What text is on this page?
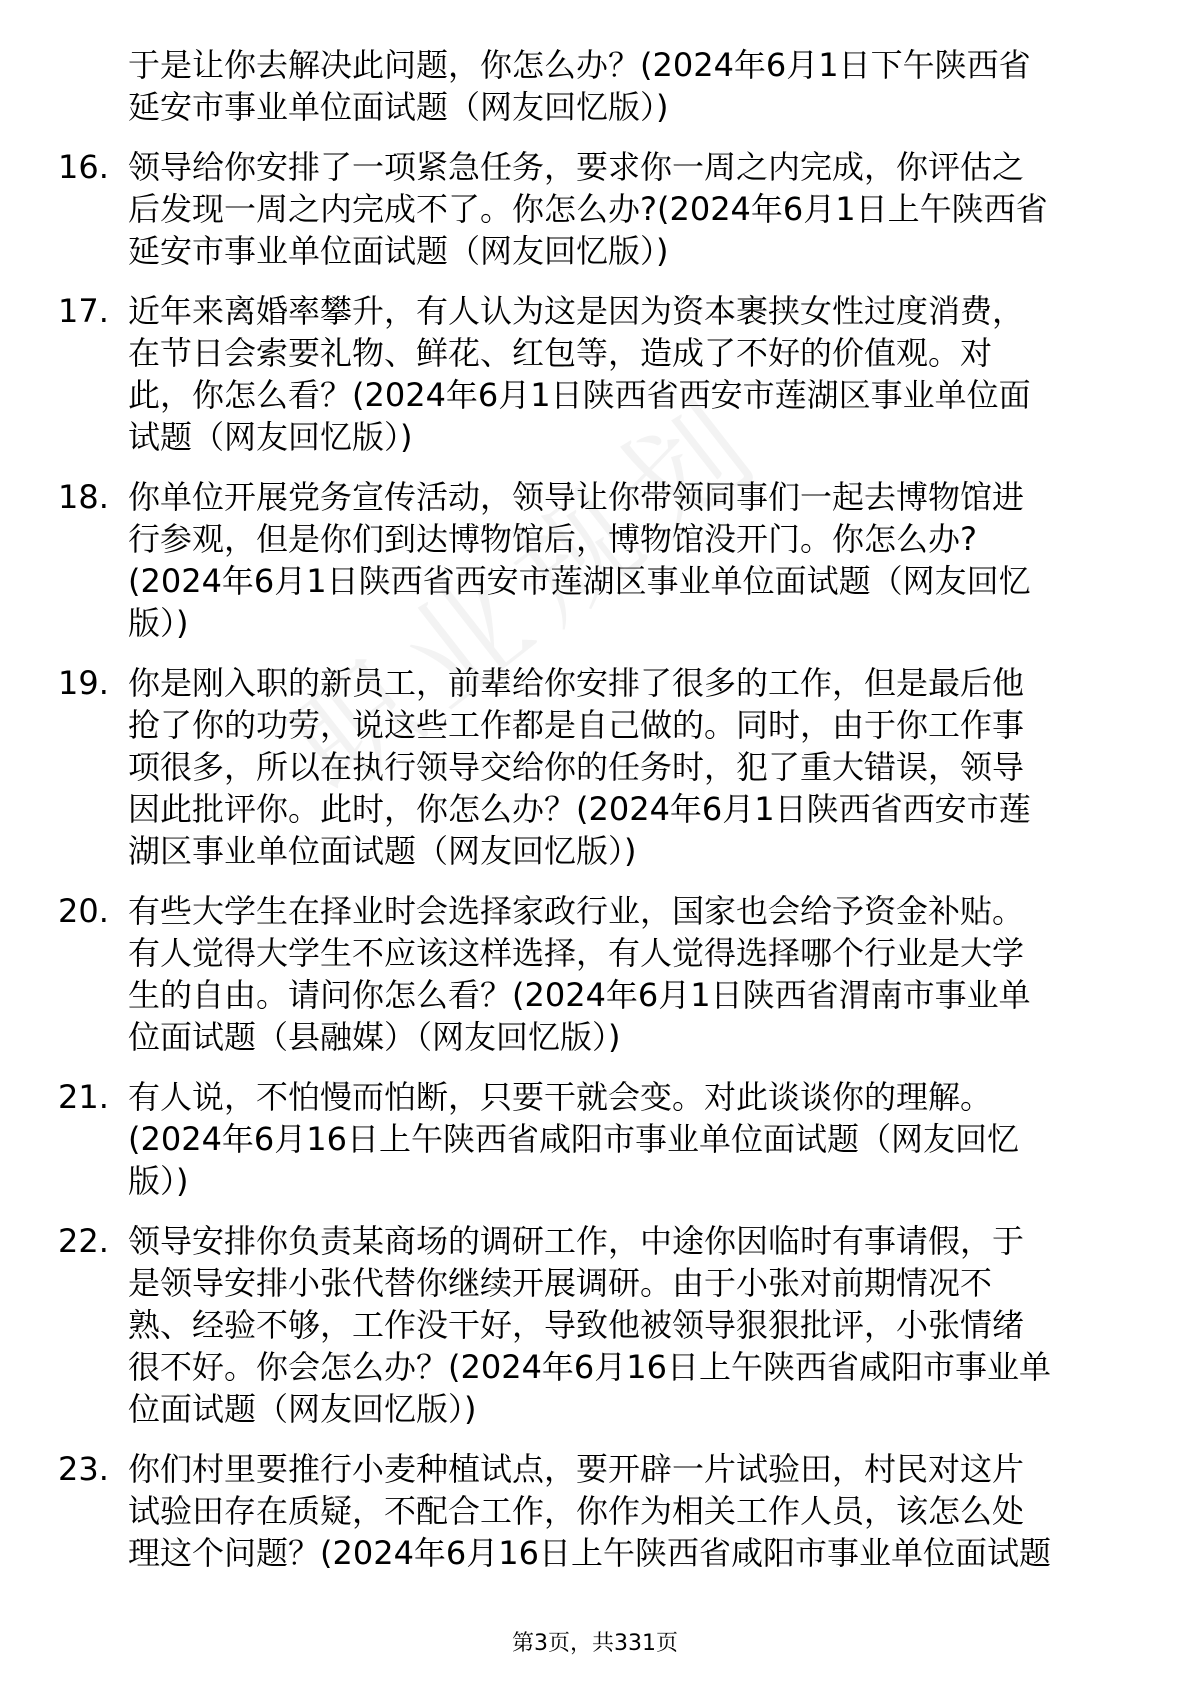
于是让你去解决此问题，你怎么办？(2024年6月1日下午陕西省

延安市事业单位面试题（网友回忆版）)

16. 领导给你安排了一项紧急任务，要求你一周之内完成，你评估之

后发现一周之内完成不了。你怎么办?(2024年6月1日上午陕西省

延安市事业单位面试题（网友回忆版）)

17. 近年来离婚率攀升，有人认为这是因为资本裹挟女性过度消费，

在节日会索要礼物、鲜花、红包等，造成了不好的价值观。对

此，你怎么看？(2024年6月1日陕西省西安市莲湖区事业单位面

试题（网友回忆版）)

18. 你单位开展党务宣传活动，领导让你带领同事们一起去博物馆进

行参观，但是你们到达博物馆后，博物馆没开门。你怎么办?

(2024年6月1日陕西省西安市莲湖区事业单位面试题（网友回忆

版）)

19. 你是刚入职的新员工，前辈给你安排了很多的工作，但是最后他

抢了你的功劳，说这些工作都是自己做的。同时，由于你工作事

项很多，所以在执行领导交给你的任务时，犯了重大错误，领导

因此批评你。此时，你怎么办？(2024年6月1日陕西省西安市莲

湖区事业单位面试题（网友回忆版）)

20. 有些大学生在择业时会选择家政行业，国家也会给予资金补贴。

有人觉得大学生不应该这样选择，有人觉得选择哪个行业是大学

生的自由。请问你怎么看？(2024年6月1日陕西省渭南市事业单

位面试题（县融媒）（网友回忆版）)

21. 有人说，不怕慢而怕断，只要干就会变。对此谈谈你的理解。

(2024年6月16日上午陕西省咸阳市事业单位面试题（网友回忆

版）)

22. 领导安排你负责某商场的调研工作，中途你因临时有事请假，于

是领导安排小张代替你继续开展调研。由于小张对前期情况不

熟、经验不够，工作没干好，导致他被领导狠狠批评，小张情绪

很不好。你会怎么办？(2024年6月16日上午陕西省咸阳市事业单

位面试题（网友回忆版）)

23. 你们村里要推行小麦种植试点，要开辟一片试验田，村民对这片

试验田存在质疑，不配合工作，你作为相关工作人员，该怎么处

理这个问题？(2024年6月16日上午陕西省咸阳市事业单位面试题

第3页，共331页
